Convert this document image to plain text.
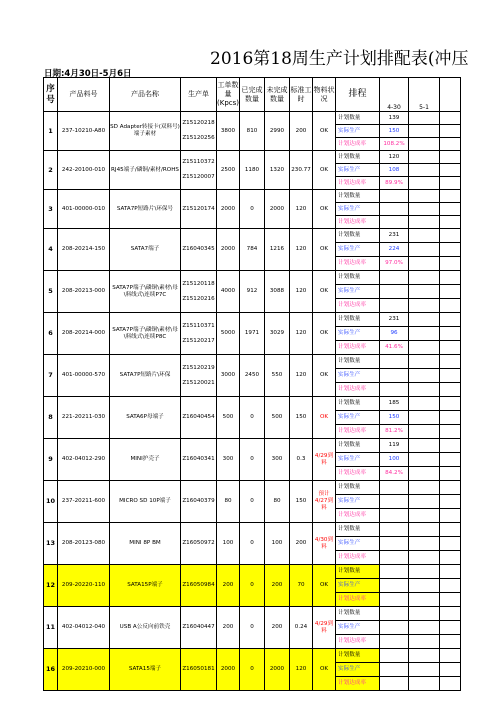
2016第18周生产计划排配表(冲压
日期:4月30日-5月6日
序号	产品料号	产品名称	生产单	工单数量(Kpcs)	已完成数量	未完成数量	标准工时	物料状况	排程	4-30	5-1	
1	237-10210-A80	SD Adapter转接卡(双料号)端子素材	Z15120218
Z15120256	3800	810	2990	200	OK	计划数量	139		
									实际生产	150		
									计划达成率	108.2%		
2	242-20100-010	RJ45端子/磷铜/素材/ROHS	Z15110372
Z15120007	2500	1180	1320	230.77	OK	计划数量	120		
									实际生产	108		
									计划达成率	89.9%		
3	401-00000-010	SATA7P短路片\环保号	Z15120174	2000	0	2000	120	OK	计划数量			
									实际生产			
									计划达成率			
4	208-20214-150	SATA7端子	Z16040345	2000	784	1216	120	OK	计划数量	231		
									实际生产	224		
									计划达成率	97.0%		
5	208-20213-000	SATA7P端子\磷铜\素材\母\料线式\连续P7C	Z15120118
Z15120216	4000	912	3088	120	OK	计划数量			
									实际生产			
									计划达成率			
6	208-20214-000	SATA7P端子\磷铜\素材\母\料线式\连续P8C	Z15110371
Z15120217	5000	1971	3029	120	OK	计划数量	231		
									实际生产	96		
									计划达成率	41.6%		
7	401-00000-570	SATA7P短路片\环保	Z15120219
Z15120021	3000	2450	550	120	OK	计划数量			
									实际生产			
									计划达成率			
8	221-20211-030	SATA6P母端子	Z16040454	500	0	500	150	OK	计划数量	185		
									实际生产	150		
									计划达成率	81.2%		
9	402-04012-290	MINI护壳子	Z16040341	300	0	300	0.3	4/29到料	计划数量	119		
									实际生产	100		
									计划达成率	84.2%		
10	237-20211-600	MICRO SD 10P端子	Z16040379	80	0	80	150	预计4/27到料	计划数量			
									实际生产			
									计划达成率			
13	208-20123-080	MINI 8P BM	Z16050972	100	0	100	200	4/30到料	计划数量			
									实际生产			
									计划达成率			
12	209-20220-110	SATA15P端子	Z16050984	200	0	200	70	OK	计划数量			
									实际生产			
									计划达成率			
11	402-04012-040	USB A公反向前铁壳	Z16040447	200	0	200	0.24	4/29到料	计划数量			
									实际生产			
									计划达成率			
16	209-20210-000	SATA15端子	Z16050181	2000	0	2000	120	OK	计划数量			
									实际生产			
									计划达成率			
